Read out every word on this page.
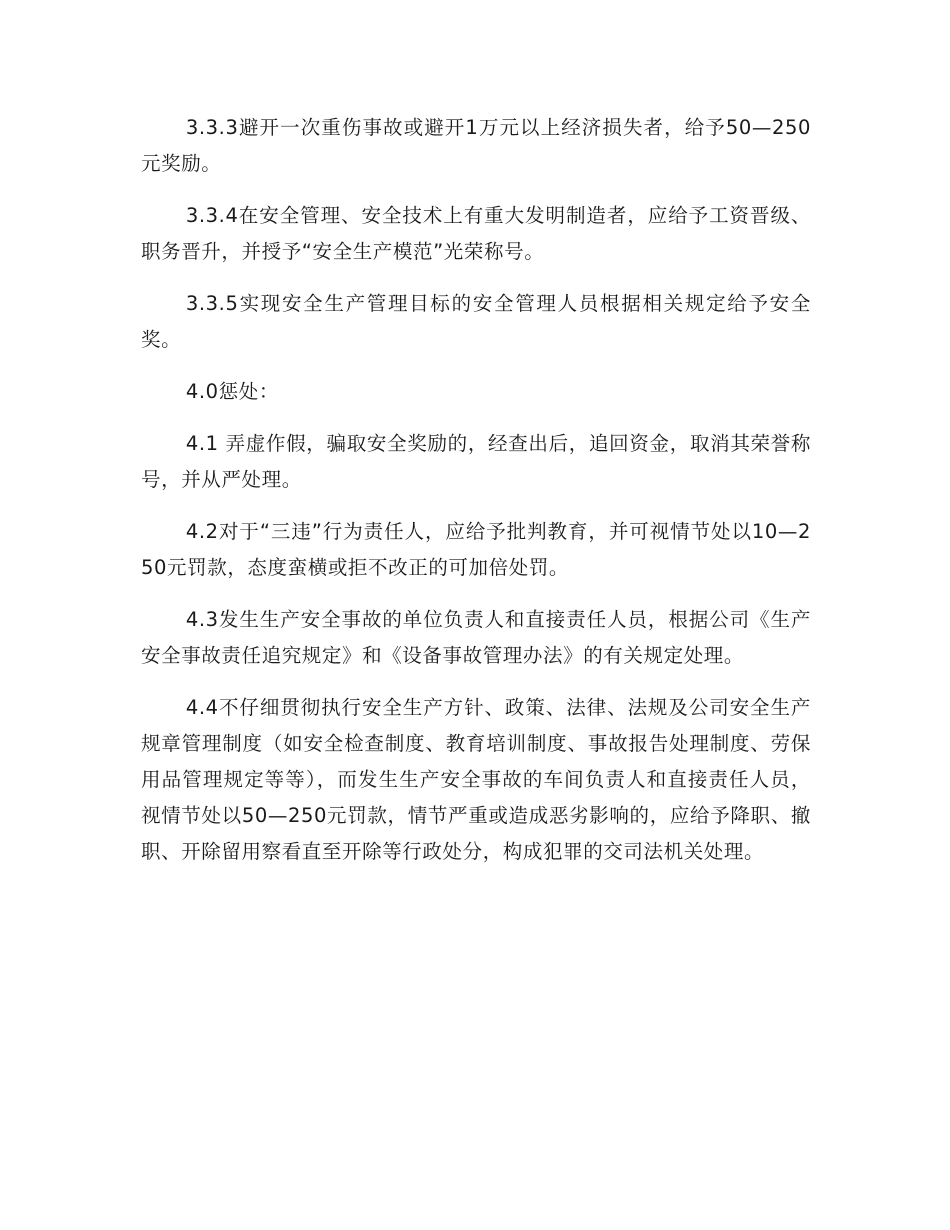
3.3.3避开一次重伤事故或避开1万元以上经济损失者，给予50—250元奖励。

3.3.4在安全管理、安全技术上有重大发明制造者，应给予工资晋级、职务晋升，并授予“安全生产模范”光荣称号。

3.3.5实现安全生产管理目标的安全管理人员根据相关规定给予安全奖。

4.0惩处：

4.1 弄虚作假，骗取安全奖励的，经查出后，追回资金，取消其荣誉称号，并从严处理。

4.2对于“三违”行为责任人，应给予批判教育，并可视情节处以10—250元罚款，态度蛮横或拒不改正的可加倍处罚。

4.3发生生产安全事故的单位负责人和直接责任人员，根据公司《生产安全事故责任追究规定》和《设备事故管理办法》的有关规定处理。

4.4不仔细贯彻执行安全生产方针、政策、法律、法规及公司安全生产规章管理制度（如安全检查制度、教育培训制度、事故报告处理制度、劳保用品管理规定等等），而发生生产安全事故的车间负责人和直接责任人员，视情节处以50—250元罚款，情节严重或造成恶劣影响的，应给予降职、撤职、开除留用察看直至开除等行政处分，构成犯罪的交司法机关处理。
